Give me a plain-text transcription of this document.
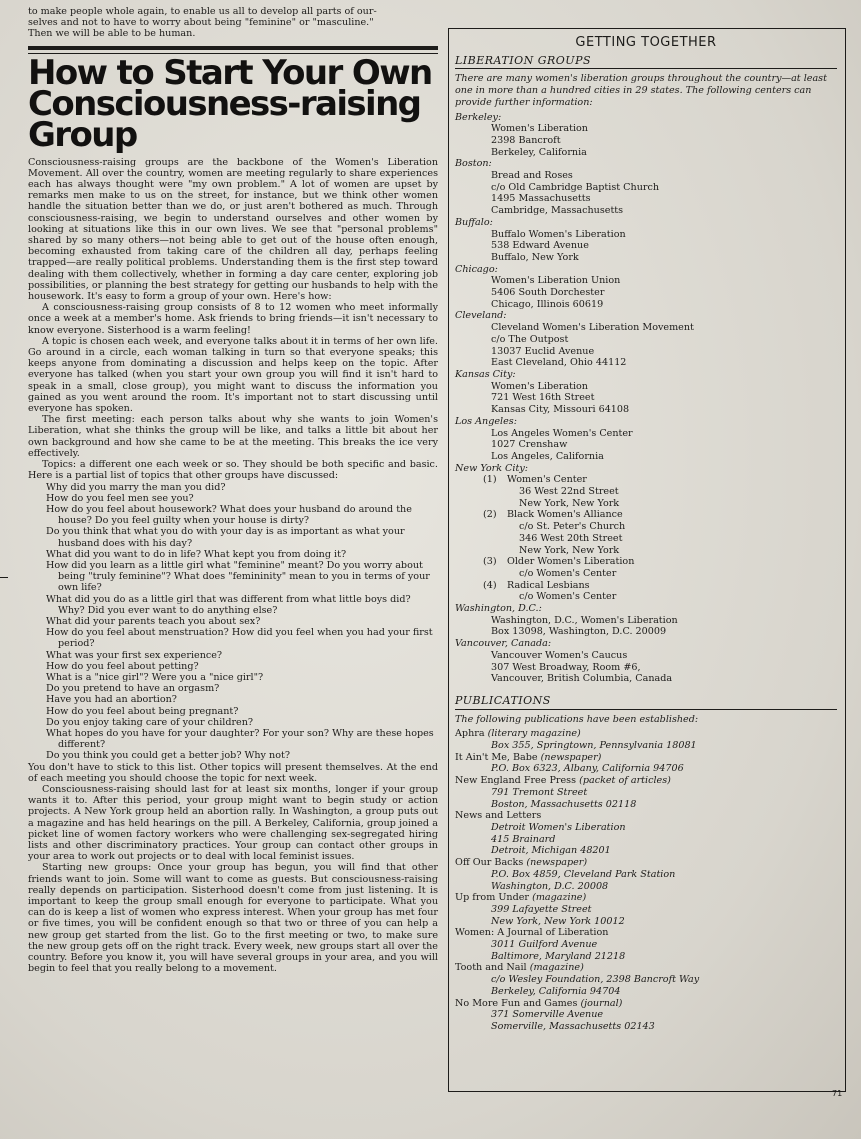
to make people whole again, to enable us all to develop all parts of our-

selves and not to have to worry about being "feminine" or "masculine."

Then we will be able to be human.

How to Start Your Own Consciousness-raising Group

Consciousness-raising groups are the backbone of the Women's Liberation Movement. All over the country, women are meeting regularly to share experiences each has always thought were "my own problem." A lot of women are upset by remarks men make to us on the street, for instance, but we think other women handle the situation better than we do, or just aren't bothered as much. Through consciousness-raising, we begin to understand ourselves and other women by looking at situations like this in our own lives. We see that "personal problems" shared by so many others—not being able to get out of the house often enough, becoming exhausted from taking care of the children all day, perhaps feeling trapped—are really political problems. Understanding them is the first step toward dealing with them collectively, whether in forming a day care center, exploring job possibilities, or planning the best strategy for getting our husbands to help with the housework. It's easy to form a group of your own. Here's how:

A consciousness-raising group consists of 8 to 12 women who meet informally once a week at a member's home. Ask friends to bring friends—it isn't necessary to know everyone. Sisterhood is a warm feeling!

A topic is chosen each week, and everyone talks about it in terms of her own life. Go around in a circle, each woman talking in turn so that everyone speaks; this keeps anyone from dominating a discussion and helps keep on the topic. After everyone has talked (when you start your own group you will find it isn't hard to speak in a small, close group), you might want to discuss the information you gained as you went around the room. It's important not to start discussing until everyone has spoken.

The first meeting: each person talks about why she wants to join Women's Liberation, what she thinks the group will be like, and talks a little bit about her own background and how she came to be at the meeting. This breaks the ice very effectively.

Topics: a different one each week or so. They should be both specific and basic. Here is a partial list of topics that other groups have discussed:

Why did you marry the man you did?
How do you feel men see you?
How do you feel about housework? What does your husband do around the house? Do you feel guilty when your house is dirty?
Do you think that what you do with your day is as important as what your husband does with his day?
What did you want to do in life? What kept you from doing it?
How did you learn as a little girl what "feminine" meant? Do you worry about being "truly feminine"? What does "femininity" mean to you in terms of your own life?
What did you do as a little girl that was different from what little boys did? Why? Did you ever want to do anything else?
What did your parents teach you about sex?
How do you feel about menstruation? How did you feel when you had your first period?
What was your first sex experience?
How do you feel about petting?
What is a "nice girl"? Were you a "nice girl"?
Do you pretend to have an orgasm?
Have you had an abortion?
How do you feel about being pregnant?
Do you enjoy taking care of your children?
What hopes do you have for your daughter? For your son? Why are these hopes different?
Do you think you could get a better job? Why not?

You don't have to stick to this list. Other topics will present themselves. At the end of each meeting you should choose the topic for next week.

Consciousness-raising should last for at least six months, longer if your group wants it to. After this period, your group might want to begin study or action projects. A New York group held an abortion rally. In Washington, a group puts out a magazine and has held hearings on the pill. A Berkeley, California, group joined a picket line of women factory workers who were challenging sex-segregated hiring lists and other discriminatory practices. Your group can contact other groups in your area to work out projects or to deal with local feminist issues.

Starting new groups: Once your group has begun, you will find that other friends want to join. Some will want to come as guests. But consciousness-raising really depends on participation. Sisterhood doesn't come from just listening. It is important to keep the group small enough for everyone to participate. What you can do is keep a list of women who express interest. When your group has met four or five times, you will be confident enough so that two or three of you can help a new group get started from the list. Go to the first meeting or two, to make sure the new group gets off on the right track. Every week, new groups start all over the country. Before you know it, you will have several groups in your area, and you will begin to feel that you really belong to a movement.

GETTING TOGETHER
LIBERATION GROUPS

There are many women's liberation groups throughout the country—at least one in more than a hundred cities in 29 states. The following centers can provide further information:

Berkeley:

Women's Liberation

2398 Bancroft

Berkeley, California

Boston:

Bread and Roses

c/o Old Cambridge Baptist Church

1495 Massachusetts

Cambridge, Massachusetts

Buffalo:

Buffalo Women's Liberation

538 Edward Avenue

Buffalo, New York

Chicago:

Women's Liberation Union

5406 South Dorchester

Chicago, Illinois 60619

Cleveland:

Cleveland Women's Liberation Movement

c/o The Outpost

13037 Euclid Avenue

East Cleveland, Ohio 44112

Kansas City:

Women's Liberation

721 West 16th Street

Kansas City, Missouri 64108

Los Angeles:

Los Angeles Women's Center

1027 Crenshaw

Los Angeles, California

New York City:

(1) Women's Center

36 West 22nd Street

New York, New York

(2) Black Women's Alliance

c/o St. Peter's Church

346 West 20th Street

New York, New York

(3) Older Women's Liberation

c/o Women's Center

(4) Radical Lesbians

c/o Women's Center

Washington, D.C.:

Washington, D.C., Women's Liberation

Box 13098, Washington, D.C. 20009

Vancouver, Canada:

Vancouver Women's Caucus

307 West Broadway, Room #6,

Vancouver, British Columbia, Canada

PUBLICATIONS

The following publications have been established:

Aphra (literary magazine)

Box 355, Springtown, Pennsylvania 18081

It Ain't Me, Babe (newspaper)

P.O. Box 6323, Albany, California 94706

New England Free Press (packet of articles)

791 Tremont Street

Boston, Massachusetts 02118

News and Letters

Detroit Women's Liberation

415 Brainard

Detroit, Michigan 48201

Off Our Backs (newspaper)

P.O. Box 4859, Cleveland Park Station

Washington, D.C. 20008

Up from Under (magazine)

399 Lafayette Street

New York, New York 10012

Women: A Journal of Liberation

3011 Guilford Avenue

Baltimore, Maryland 21218

Tooth and Nail (magazine)

c/o Wesley Foundation, 2398 Bancroft Way

Berkeley, California 94704

No More Fun and Games (journal)

371 Somerville Avenue

Somerville, Massachusetts 02143

71
